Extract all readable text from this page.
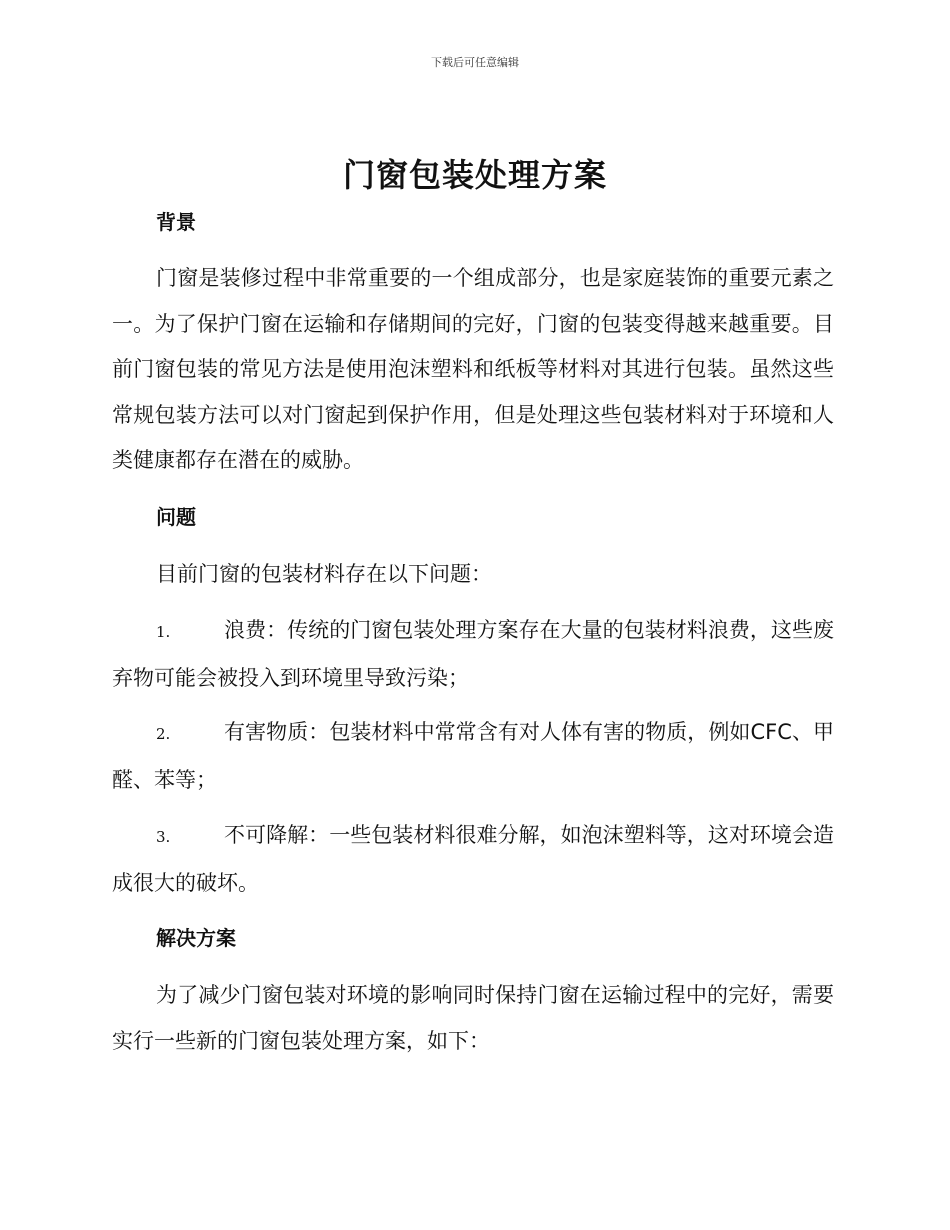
下载后可任意编辑
门窗包装处理方案
背景

门窗是装修过程中非常重要的一个组成部分，也是家庭装饰的重要元素之一。为了保护门窗在运输和存储期间的完好，门窗的包装变得越来越重要。目前门窗包装的常见方法是使用泡沫塑料和纸板等材料对其进行包装。虽然这些常规包装方法可以对门窗起到保护作用，但是处理这些包装材料对于环境和人类健康都存在潜在的威胁。

问题

目前门窗的包装材料存在以下问题：

1.	浪费：传统的门窗包装处理方案存在大量的包装材料浪费，这些废弃物可能会被投入到环境里导致污染；

2.	有害物质：包装材料中常常含有对人体有害的物质，例如CFC、甲醛、苯等；

3.	不可降解：一些包装材料很难分解，如泡沫塑料等，这对环境会造成很大的破坏。

解决方案

为了减少门窗包装对环境的影响同时保持门窗在运输过程中的完好，需要实行一些新的门窗包装处理方案，如下：
